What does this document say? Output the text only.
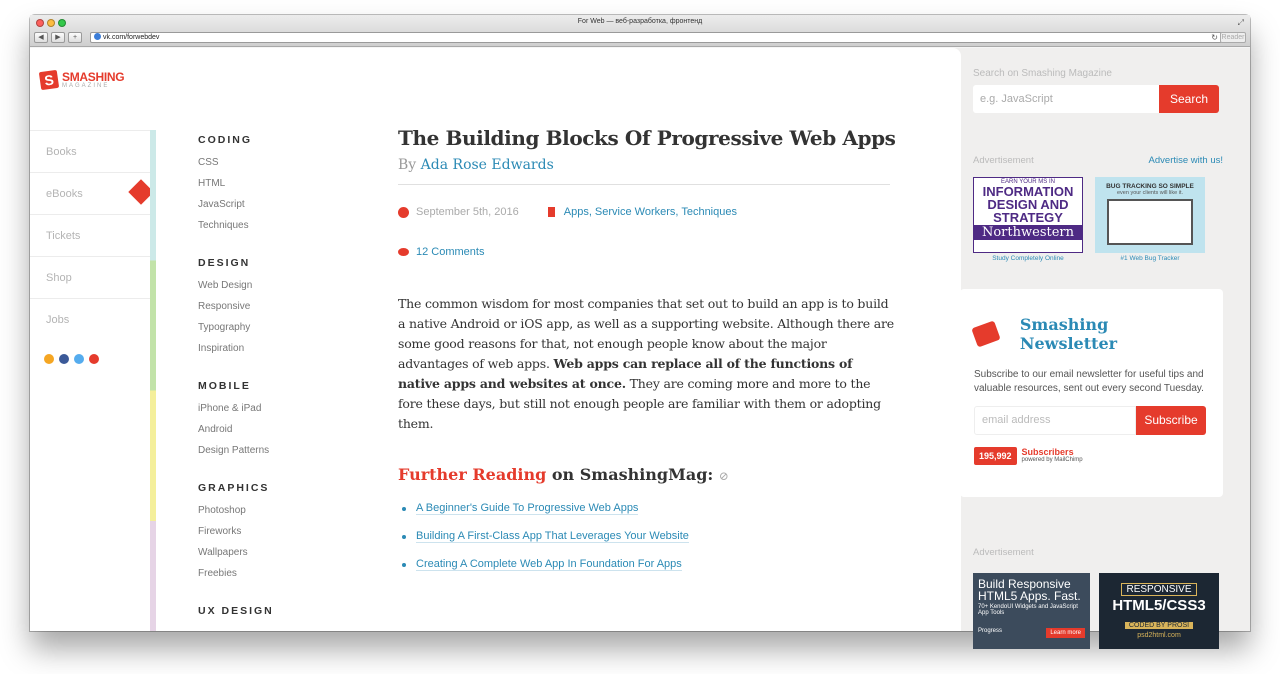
For Web — веб-разработка, фронтенд	⤢
◀	▶	+	vk.com/forwebdev	↻ Reader
S SMASHING
MAGAZINE
Books
eBooks
Tickets
Shop
Jobs
CODING
CSS
HTML
JavaScript
Techniques
DESIGN
Web Design
Responsive
Typography
Inspiration
MOBILE
iPhone & iPad
Android
Design Patterns
GRAPHICS
Photoshop
Fireworks
Wallpapers
Freebies
UX DESIGN
The Building Blocks Of Progressive Web Apps
By Ada Rose Edwards
September 5th, 2016	Apps, Service Workers, Techniques
12 Comments
The common wisdom for most companies that set out to build an app is to build a native Android or iOS app, as well as a supporting website. Although there are some good reasons for that, not enough people know about the major advantages of web apps. Web apps can replace all of the functions of native apps and websites at once. They are coming more and more to the fore these days, but still not enough people are familiar with them or adopting them.
Further Reading on SmashingMag: ⊘
A Beginner's Guide To Progressive Web Apps
Building A First-Class App That Leverages Your Website
Creating A Complete Web App In Foundation For Apps
Search on Smashing Magazine
e.g. JavaScript	Search
Advertisement	Advertise with us!
EARN YOUR MS IN
INFORMATION DESIGN AND STRATEGY
Northwestern
BUG TRACKING SO SIMPLE
even your clients will like it.
Study Completely Online	#1 Web Bug Tracker
Smashing Newsletter
Subscribe to our email newsletter for useful tips and valuable resources, sent out every second Tuesday.
email address	Subscribe
195,992	Subscribers
powered by MailChimp
Advertisement
Build Responsive HTML5 Apps. Fast.
70+ KendoUI Widgets and JavaScript App Tools
Progress	Learn more
RESPONSIVE
HTML5/CSS3
CODED BY PROSI
psd2html.com
